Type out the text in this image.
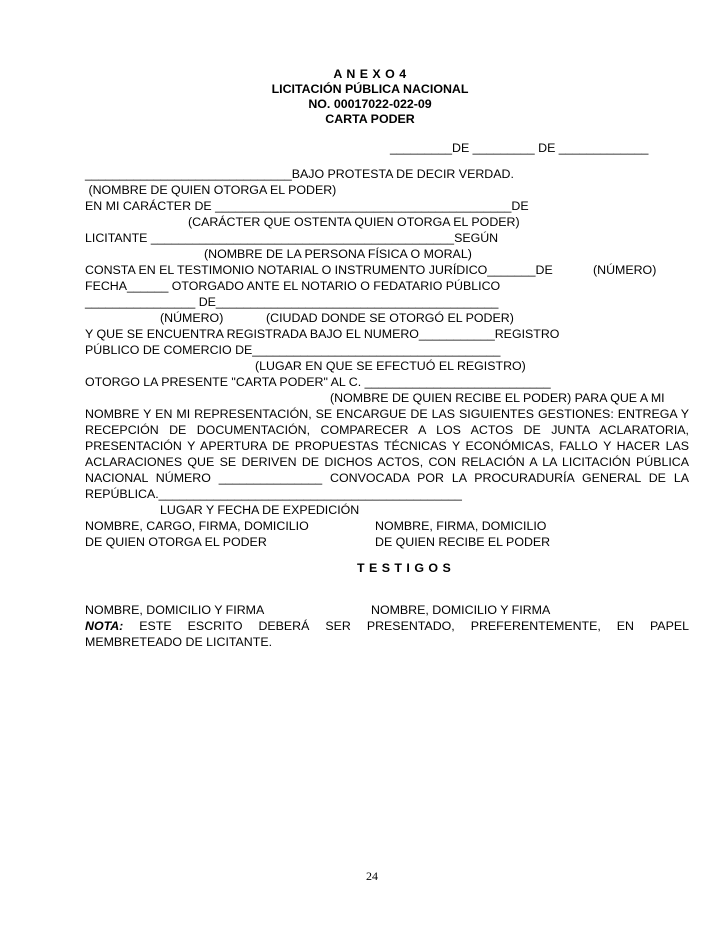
A N E X O 4
LICITACIÓN PÚBLICA NACIONAL
NO. 00017022-022-09
CARTA PODER
_________DE _________ DE _____________
______________________________BAJO PROTESTA DE DECIR VERDAD.
(NOMBRE DE QUIEN OTORGA EL PODER)
EN MI CARÁCTER DE ___________________________________________DE
(CARÁCTER QUE OSTENTA QUIEN OTORGA EL PODER)
LICITANTE ____________________________________________SEGÚN
(NOMBRE DE LA PERSONA FÍSICA O MORAL)
CONSTA EN EL TESTIMONIO NOTARIAL O INSTRUMENTO JURÍDICO_______DE	(NÚMERO)
FECHA______ OTORGADO ANTE EL NOTARIO O FEDATARIO PÚBLICO
________________ DE_________________________________________
(NÚMERO)	(CIUDAD DONDE SE OTORGÓ EL PODER)
Y QUE SE ENCUENTRA REGISTRADA BAJO EL NUMERO___________REGISTRO
PÚBLICO DE COMERCIO DE____________________________________
(LUGAR EN QUE SE EFECTUÓ EL REGISTRO)
OTORGO LA PRESENTE "CARTA PODER" AL C. ___________________________
(NOMBRE DE QUIEN RECIBE EL PODER) PARA QUE A MI
NOMBRE Y EN MI REPRESENTACIÓN, SE ENCARGUE DE LAS SIGUIENTES GESTIONES: ENTREGA Y
RECEPCIÓN DE DOCUMENTACIÓN, COMPARECER A LOS ACTOS DE JUNTA ACLARATORIA,
PRESENTACIÓN Y APERTURA DE PROPUESTAS TÉCNICAS Y ECONÓMICAS, FALLO Y HACER LAS
ACLARACIONES QUE SE DERIVEN DE DICHOS ACTOS, CON RELACIÓN A LA LICITACIÓN PÚBLICA
NACIONAL NÚMERO _______________ CONVOCADA POR LA PROCURADURÍA GENERAL DE LA
REPÚBLICA.____________________________________________
LUGAR Y FECHA DE EXPEDICIÓN
NOMBRE, CARGO, FIRMA, DOMICILIO	NOMBRE, FIRMA, DOMICILIO
DE QUIEN OTORGA EL PODER	DE QUIEN RECIBE EL PODER
T E S T I G O S
NOMBRE, DOMICILIO Y FIRMA	NOMBRE, DOMICILIO Y FIRMA
NOTA: ESTE ESCRITO DEBERÁ SER PRESENTADO, PREFERENTEMENTE, EN PAPEL
MEMBRETEADO DE LICITANTE.
24
